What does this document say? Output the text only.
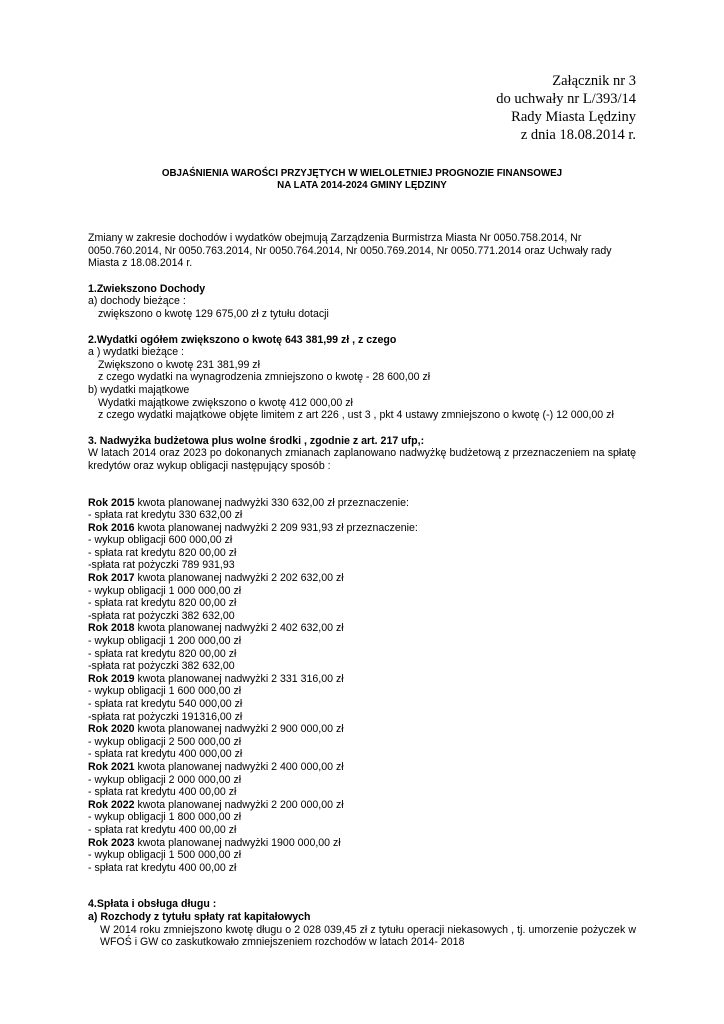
Załącznik nr 3
do uchwały nr L/393/14
Rady Miasta Lędziny
z dnia 18.08.2014 r.
OBJAŚNIENIA WAROŚCI PRZYJĘTYCH W WIELOLETNIEJ PROGNOZIE FINANSOWEJ
NA LATA 2014-2024 GMINY LĘDZINY

Zmiany w zakresie dochodów i wydatków obejmują Zarządzenia Burmistrza Miasta Nr 0050.758.2014, Nr 0050.760.2014, Nr 0050.763.2014, Nr 0050.764.2014, Nr 0050.769.2014, Nr 0050.771.2014 oraz Uchwały rady Miasta z 18.08.2014 r.

1.Zwiekszono Dochody

a) dochody bieżące :

zwiększono o kwotę 129 675,00 zł z tytułu dotacji

2.Wydatki ogółem zwiększono o kwotę 643 381,99 zł , z czego

a ) wydatki bieżące :

Zwiększono o kwotę 231 381,99 zł

z czego wydatki na wynagrodzenia zmniejszono o kwotę - 28 600,00 zł

b) wydatki majątkowe

Wydatki majątkowe zwiększono o kwotę 412 000,00 zł

z czego wydatki majątkowe objęte limitem z art 226 , ust 3 , pkt 4 ustawy zmniejszono o kwotę (-) 12 000,00 zł

3. Nadwyżka budżetowa plus wolne środki , zgodnie z art. 217 ufp,:

W latach 2014 oraz 2023 po dokonanych zmianach zaplanowano nadwyżkę budżetową z przeznaczeniem na spłatę kredytów oraz wykup obligacji następujący sposób :

Rok 2015 kwota planowanej nadwyżki 330 632,00 zł przeznaczenie:

- spłata rat kredytu 330 632,00 zł

Rok 2016 kwota planowanej nadwyżki 2 209 931,93 zł przeznaczenie:

- wykup obligacji 600 000,00 zł

- spłata rat kredytu 820 00,00 zł

-spłata rat pożyczki 789 931,93

Rok 2017 kwota planowanej nadwyżki 2 202 632,00 zł

- wykup obligacji 1 000 000,00 zł

- spłata rat kredytu 820 00,00 zł

-spłata rat pożyczki 382 632,00

Rok 2018 kwota planowanej nadwyżki 2 402 632,00 zł

- wykup obligacji 1 200 000,00 zł

- spłata rat kredytu 820 00,00 zł

-spłata rat pożyczki 382 632,00

Rok 2019 kwota planowanej nadwyżki 2 331 316,00 zł

- wykup obligacji 1 600 000,00 zł

- spłata rat kredytu 540 000,00 zł

-spłata rat pożyczki 191316,00 zł

Rok 2020 kwota planowanej nadwyżki 2 900 000,00 zł

- wykup obligacji 2 500 000,00 zł

- spłata rat kredytu 400 000,00 zł

Rok 2021 kwota planowanej nadwyżki 2 400 000,00 zł

- wykup obligacji 2 000 000,00 zł

- spłata rat kredytu 400 00,00 zł

Rok 2022 kwota planowanej nadwyżki 2 200 000,00 zł

- wykup obligacji 1 800 000,00 zł

- spłata rat kredytu 400 00,00 zł

Rok 2023 kwota planowanej nadwyżki 1900 000,00 zł

- wykup obligacji 1 500 000,00 zł

- spłata rat kredytu 400 00,00 zł

4.Spłata i obsługa długu :

a) Rozchody z tytułu spłaty rat kapitałowych

W 2014 roku zmniejszono kwotę długu o 2 028 039,45 zł z tytułu operacji niekasowych , tj. umorzenie pożyczek w WFOŚ i GW co zaskutkowało zmniejszeniem rozchodów w latach 2014- 2018
